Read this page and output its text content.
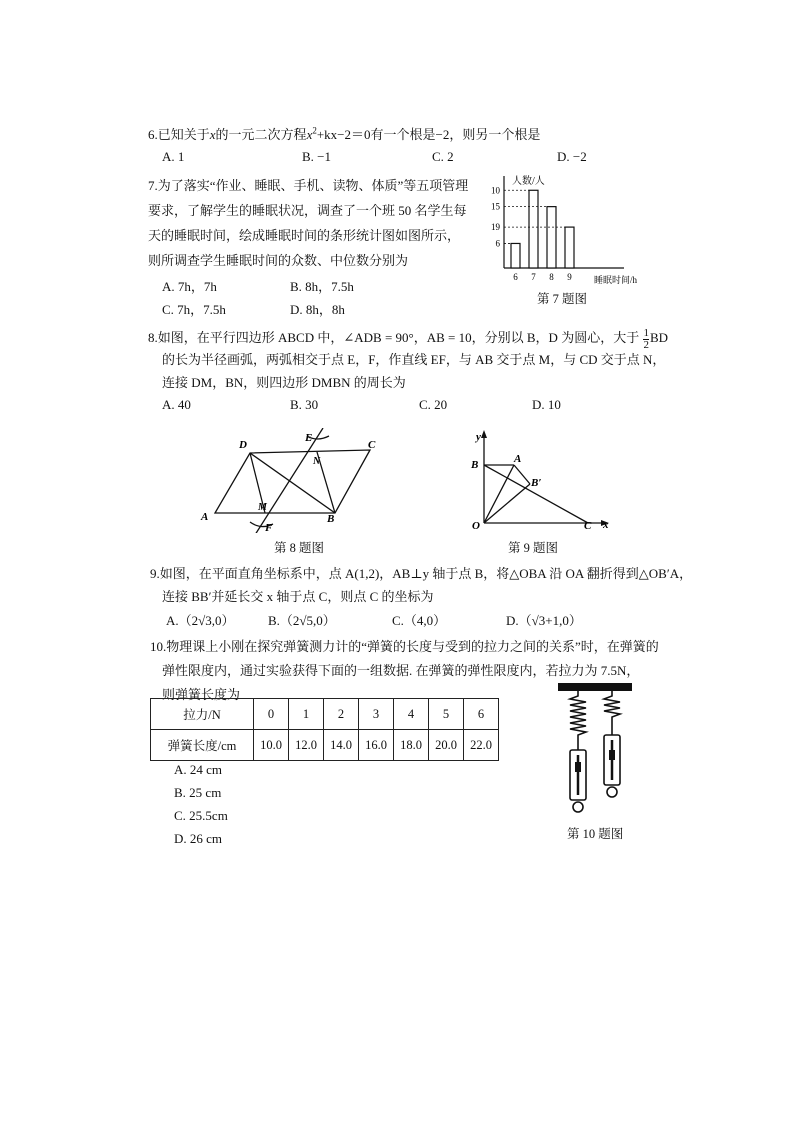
6.已知关于x的一元二次方程$x^2+kx-2=0$有一个根是−2，则另一个根是
A. 1	B. −1	C. 2	D. −2
7.为了落实“作业、睡眠、手机、读物、体质”等五项管理
要求，了解学生的睡眠状况，调查了一个班 50 名学生每
天的睡眠时间，绘成睡眠时间的条形统计图如图所示，
则所调查学生睡眠时间的众数、中位数分别为
A. 7h，7h	B. 8h，7.5h
C. 7h，7.5h	D. 8h，8h
人数/人
睡眠时间/h
6
6
10
7
15
8
19
9
第 7 题图
8.如图，在平行四边形 ABCD 中，∠ADB = 90°，AB = 10，分别以 B，D 为圆心，大于 $\frac{1}{2}$ BD
的长为半径画弧，两弧相交于点 E，F，作直线 EF，与 AB 交于点 M，与 CD 交于点 N，
连接 DM，BN，则四边形 DMBN 的周长为
A. 40	B. 30	C. 20	D. 10
D	C
A	B
E
N
M
F
第 8 题图
y
x
O
A
B
B′
C
第 9 题图
9.如图，在平面直角坐标系中，点 A(1,2)，AB⊥y 轴于点 B，将△OBA 沿 OA 翻折得到△OB′A，
连接 BB′并延长交 x 轴于点 C，则点 C 的坐标为
A.（2√3,0）	B.（2√5,0）	C.（4,0）	D.（√3+1,0）
10.物理课上小刚在探究弹簧测力计的“弹簧的长度与受到的拉力之间的关系”时，在弹簧的
弹性限度内，通过实验获得下面的一组数据. 在弹簧的弹性限度内，若拉力为 7.5N，
则弹簧长度为
拉力/N	0	1	2	3	4	5	6
弹簧长度/cm	10.0	12.0	14.0	16.0	18.0	20.0	22.0
A. 24 cm
B. 25 cm
C. 25.5cm
D. 26 cm	第 10 题图
